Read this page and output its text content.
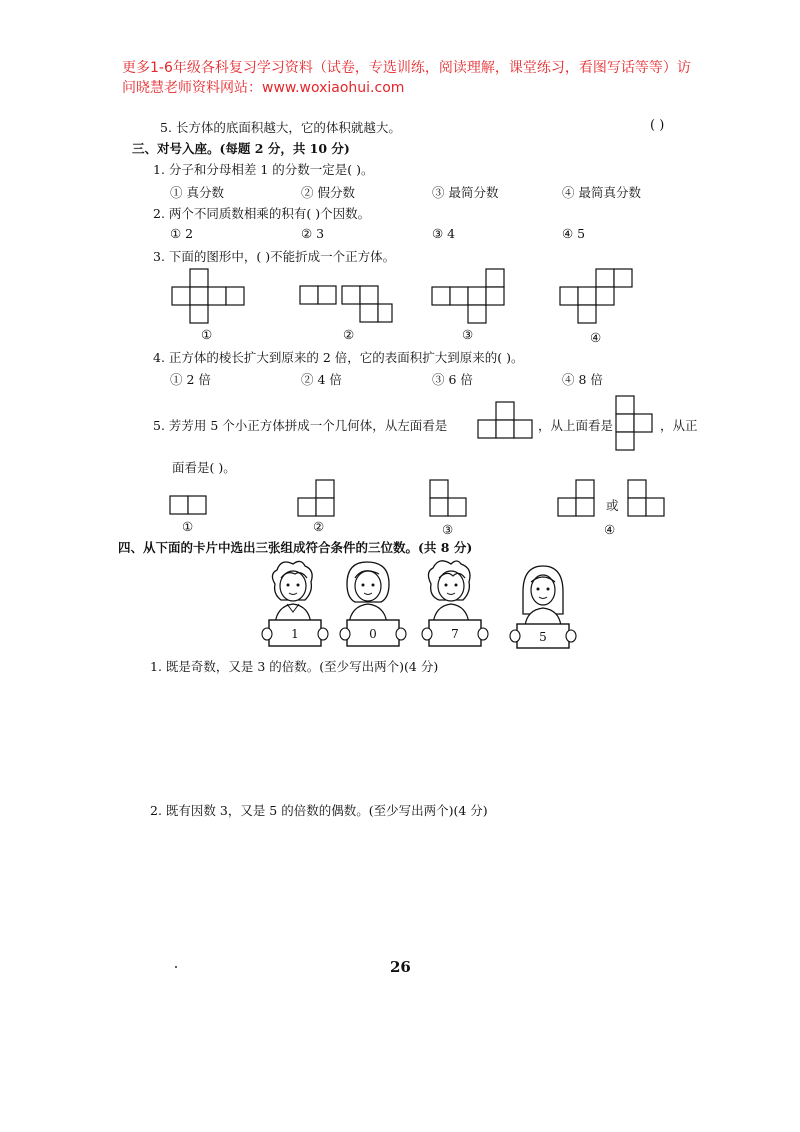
更多1-6年级各科复习学习资料（试卷，专选训练，阅读理解，课堂练习，看图写话等等）访问晓慧老师资料网站：www.woxiaohui.com
5. 长方体的底面积越大，它的体积就越大。	( )
三、对号入座。(每题 2 分，共 10 分)
1. 分子和分母相差 1 的分数一定是( )。
① 真分数	② 假分数	③ 最简分数	④ 最简真分数
2. 两个不同质数相乘的积有( )个因数。
① 2	② 3	③ 4	④ 5
3. 下面的图形中，( )不能折成一个正方体。
①	②	③	④
4. 正方体的棱长扩大到原来的 2 倍，它的表面积扩大到原来的( )。
① 2 倍	② 4 倍	③ 6 倍	④ 8 倍
5. 芳芳用 5 个小正方体拼成一个几何体，从左面看是	，从上面看是	，从正
面看是( )。
①	②	③
或
④
四、从下面的卡片中选出三张组成符合条件的三位数。(共 8 分)
1	0	7	5
1. 既是奇数，又是 3 的倍数。(至少写出两个)(4 分)
2. 既有因数 3，又是 5 的倍数的偶数。(至少写出两个)(4 分)
26
